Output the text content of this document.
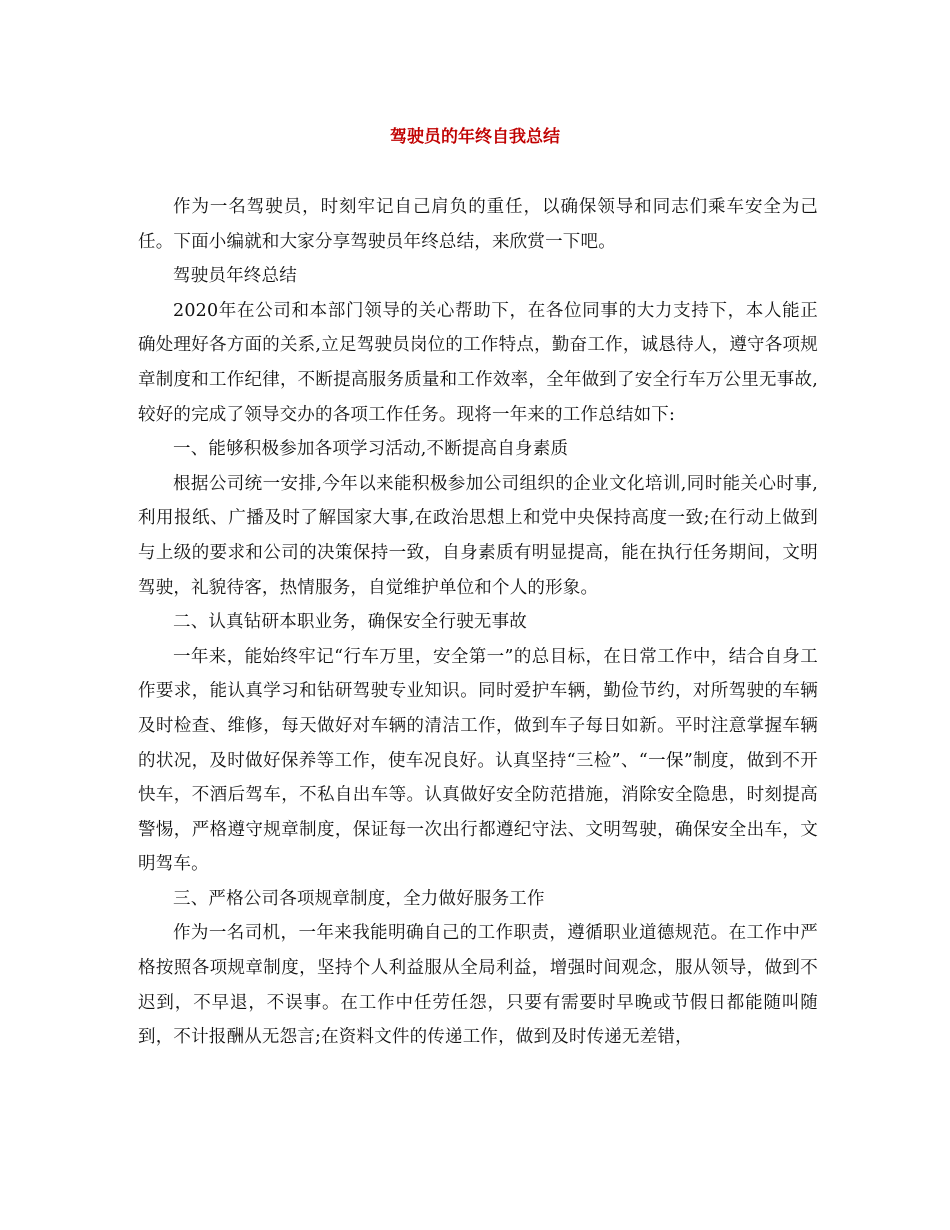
驾驶员的年终自我总结

作为一名驾驶员，时刻牢记自己肩负的重任，以确保领导和同志们乘车安全为己任。下面小编就和大家分享驾驶员年终总结，来欣赏一下吧。

驾驶员年终总结

2020年在公司和本部门领导的关心帮助下，在各位同事的大力支持下，本人能正确处理好各方面的关系,立足驾驶员岗位的工作特点，勤奋工作，诚恳待人，遵守各项规章制度和工作纪律，不断提高服务质量和工作效率，全年做到了安全行车万公里无事故,较好的完成了领导交办的各项工作任务。现将一年来的工作总结如下:

一、能够积极参加各项学习活动,不断提高自身素质

根据公司统一安排,今年以来能积极参加公司组织的企业文化培训,同时能关心时事,利用报纸、广播及时了解国家大事,在政治思想上和党中央保持高度一致;在行动上做到与上级的要求和公司的决策保持一致，自身素质有明显提高，能在执行任务期间，文明驾驶，礼貌待客，热情服务，自觉维护单位和个人的形象。

二、认真钻研本职业务，确保安全行驶无事故

一年来，能始终牢记“行车万里，安全第一”的总目标，在日常工作中，结合自身工作要求，能认真学习和钻研驾驶专业知识。同时爱护车辆，勤俭节约，对所驾驶的车辆及时检查、维修，每天做好对车辆的清洁工作，做到车子每日如新。平时注意掌握车辆的状况，及时做好保养等工作，使车况良好。认真坚持“三检”、“一保”制度，做到不开快车，不酒后驾车，不私自出车等。认真做好安全防范措施，消除安全隐患，时刻提高警惕，严格遵守规章制度，保证每一次出行都遵纪守法、文明驾驶，确保安全出车，文明驾车。

三、严格公司各项规章制度，全力做好服务工作

作为一名司机，一年来我能明确自己的工作职责，遵循职业道德规范。在工作中严格按照各项规章制度，坚持个人利益服从全局利益，增强时间观念，服从领导，做到不迟到，不早退，不误事。在工作中任劳任怨，只要有需要时早晚或节假日都能随叫随到，不计报酬从无怨言;在资料文件的传递工作，做到及时传递无差错，
